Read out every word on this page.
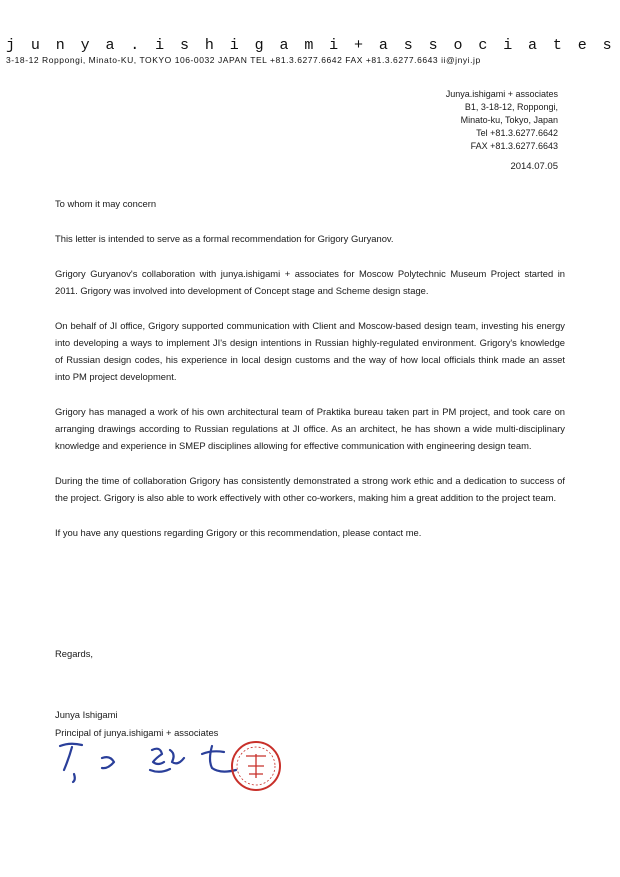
j u n y a . i s h i g a m i + a s s o c i a t e s
3-18-12 Roppongi, Minato-KU, TOKYO 106-0032 JAPAN TEL +81.3.6277.6642 FAX +81.3.6277.6643 ii@jnyi.jp
Junya.ishigami + associates
B1, 3-18-12, Roppongi,
Minato-ku, Tokyo, Japan
Tel +81.3.6277.6642
FAX +81.3.6277.6643
2014.07.05

To whom it may concern

This letter is intended to serve as a formal recommendation for Grigory Guryanov.

Grigory Guryanov's collaboration with junya.ishigami + associates for Moscow Polytechnic Museum Project started in 2011. Grigory was involved into development of Concept stage and Scheme design stage.

On behalf of JI office, Grigory supported communication with Client and Moscow-based design team, investing his energy into developing a ways to implement JI's design intentions in Russian highly-regulated environment. Grigory's knowledge of Russian design codes, his experience in local design customs and the way of how local officials think made an asset into PM project development.

Grigory has managed a work of his own architectural team of Praktika bureau taken part in PM project, and took care on arranging drawings according to Russian regulations at JI office. As an architect, he has shown a wide multi-disciplinary knowledge and experience in SMEP disciplines allowing for effective communication with engineering design team.

During the time of collaboration Grigory has consistently demonstrated a strong work ethic and a dedication to success of the project. Grigory is also able to work effectively with other co-workers, making him a great addition to the project team.

If you have any questions regarding Grigory or this recommendation, please contact me.

Regards,
Junya Ishigami
Principal of junya.ishigami + associates
